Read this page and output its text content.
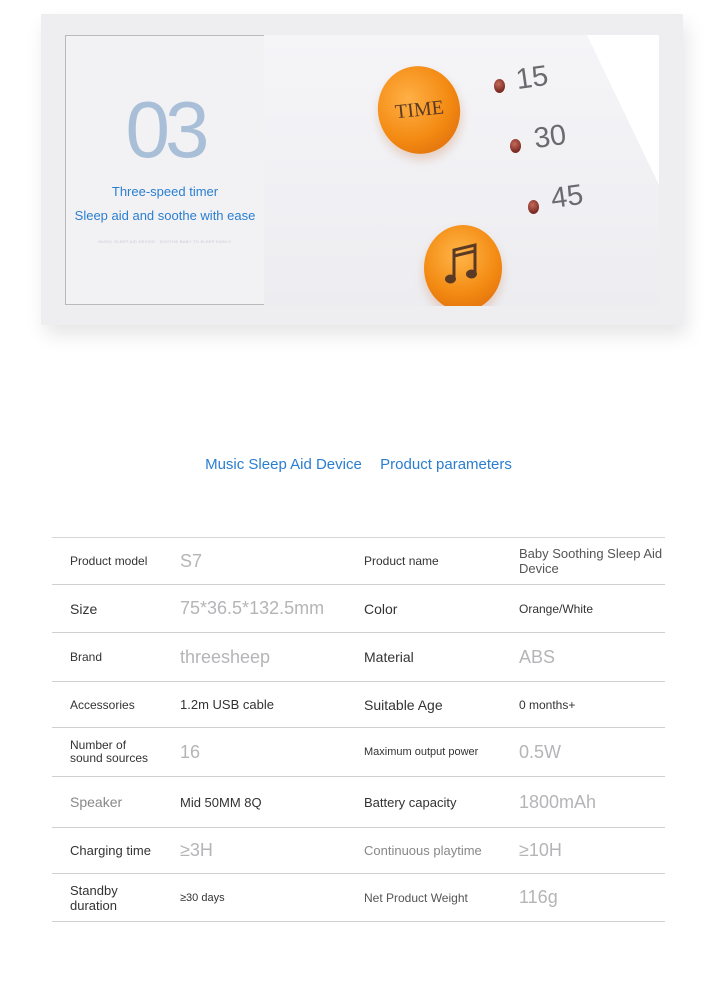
03
Three-speed timer
Sleep aid and soothe with ease
MUSIC SLEEP AID DEVICE · SOOTHE BABY TO SLEEP EASILY
TIME
15
30
45
Music Sleep Aid Device Product parameters
Product model	S7	Product name	Baby Soothing Sleep Aid Device
Size	75*36.5*132.5mm	Color	Orange/White
Brand	threesheep	Material	ABS
Accessories	1.2m USB cable	Suitable Age	0 months+
Number of sound sources	16	Maximum output power	0.5W
Speaker	Mid 50MM 8Q	Battery capacity	1800mAh
Charging time	≥3H	Continuous playtime	≥10H
Standby duration	≥30 days	Net Product Weight	116g
